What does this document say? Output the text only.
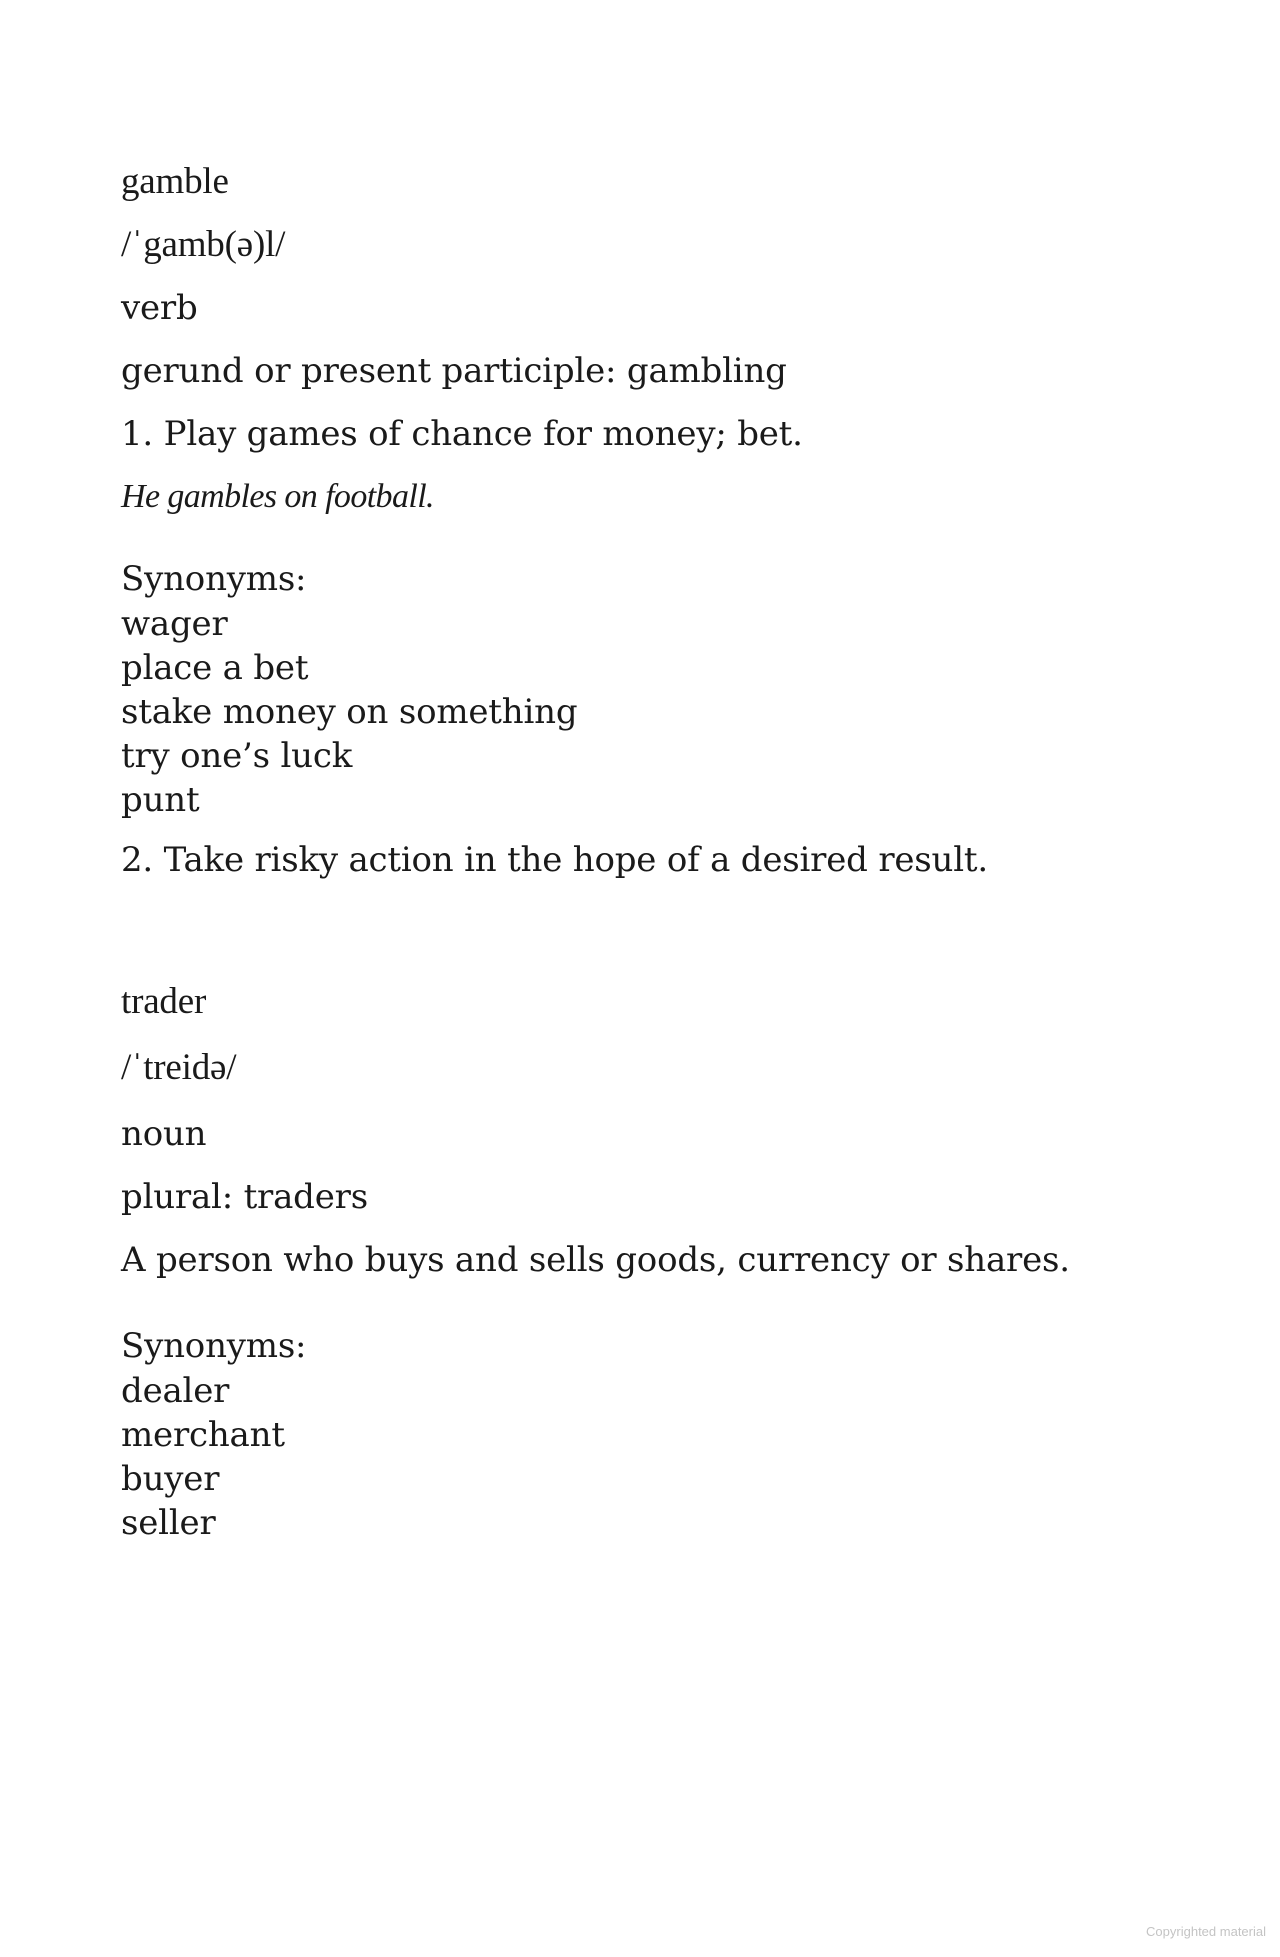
gamble
/ˈgamb(ə)l/
verb
gerund or present participle: gambling
1. Play games of chance for money; bet.
He gambles on football.
Synonyms:
wager
place a bet
stake money on something
try one’s luck
punt
2. Take risky action in the hope of a desired result.
trader
/ˈtreidə/
noun
plural: traders
A person who buys and sells goods, currency or shares.
Synonyms:
dealer
merchant
buyer
seller
Copyrighted material
